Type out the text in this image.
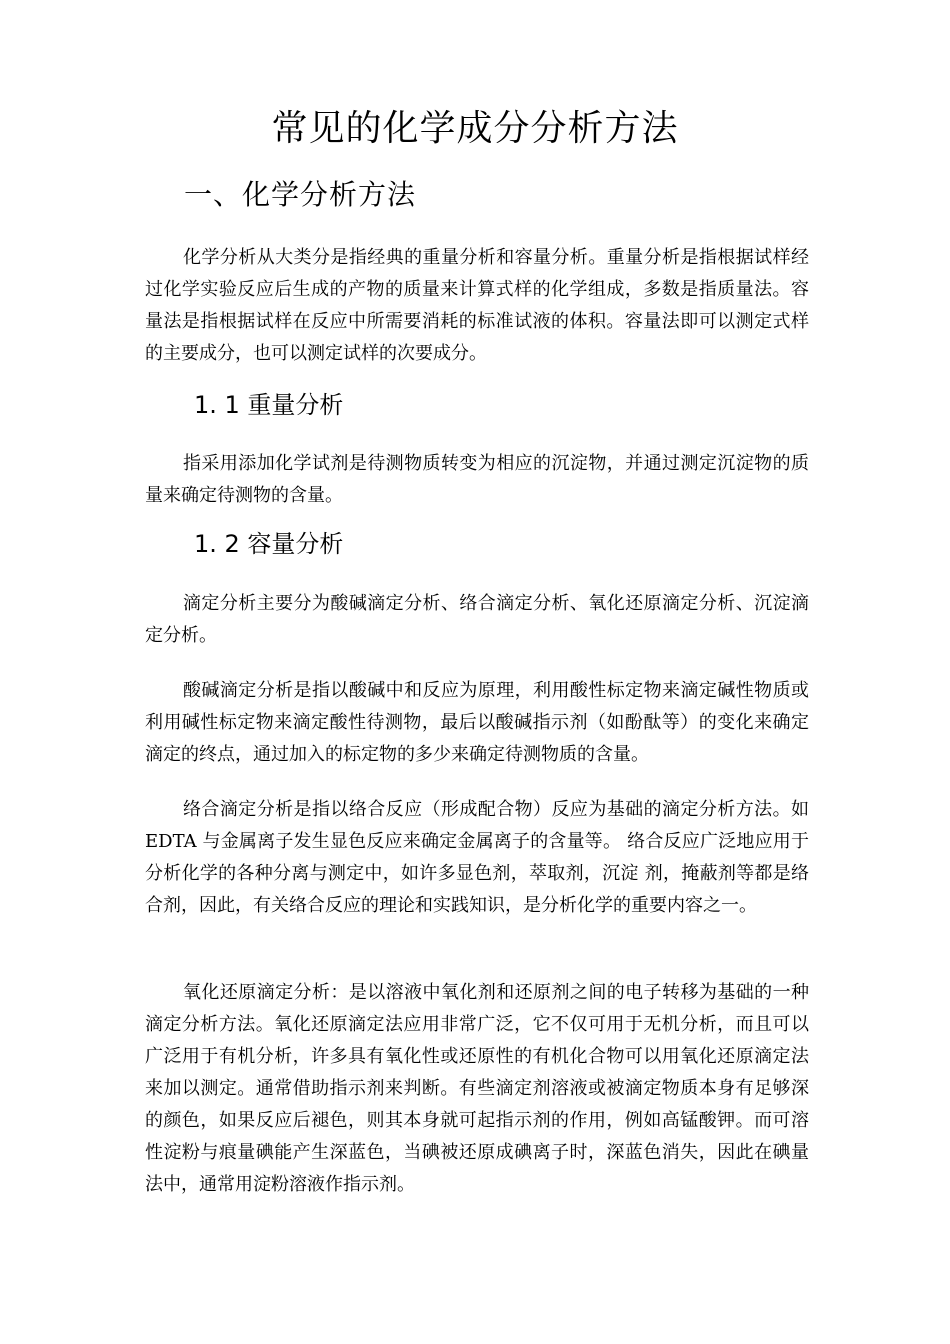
常见的化学成分分析方法
一、化学分析方法

化学分析从大类分是指经典的重量分析和容量分析。重量分析是指根据试样经过化学实验反应后生成的产物的质量来计算式样的化学组成，多数是指质量法。容量法是指根据试样在反应中所需要消耗的标准试液的体积。容量法即可以测定式样的主要成分，也可以测定试样的次要成分。

1. 1 重量分析

指采用添加化学试剂是待测物质转变为相应的沉淀物，并通过测定沉淀物的质量来确定待测物的含量。

1. 2 容量分析

滴定分析主要分为酸碱滴定分析、络合滴定分析、氧化还原滴定分析、沉淀滴定分析。

酸碱滴定分析是指以酸碱中和反应为原理，利用酸性标定物来滴定碱性物质或利用碱性标定物来滴定酸性待测物，最后以酸碱指示剂（如酚酞等）的变化来确定滴定的终点，通过加入的标定物的多少来确定待测物质的含量。

络合滴定分析是指以络合反应（形成配合物）反应为基础的滴定分析方法。如 EDTA 与金属离子发生显色反应来确定金属离子的含量等。 络合反应广泛地应用于分析化学的各种分离与测定中，如许多显色剂，萃取剂，沉淀 剂，掩蔽剂等都是络合剂，因此，有关络合反应的理论和实践知识，是分析化学的重要内容之一。

氧化还原滴定分析：是以溶液中氧化剂和还原剂之间的电子转移为基础的一种滴定分析方法。氧化还原滴定法应用非常广泛，它不仅可用于无机分析，而且可以广泛用于有机分析，许多具有氧化性或还原性的有机化合物可以用氧化还原滴定法来加以测定。通常借助指示剂来判断。有些滴定剂溶液或被滴定物质本身有足够深的颜色，如果反应后褪色，则其本身就可起指示剂的作用，例如高锰酸钾。而可溶性淀粉与痕量碘能产生深蓝色，当碘被还原成碘离子时，深蓝色消失，因此在碘量法中，通常用淀粉溶液作指示剂。
